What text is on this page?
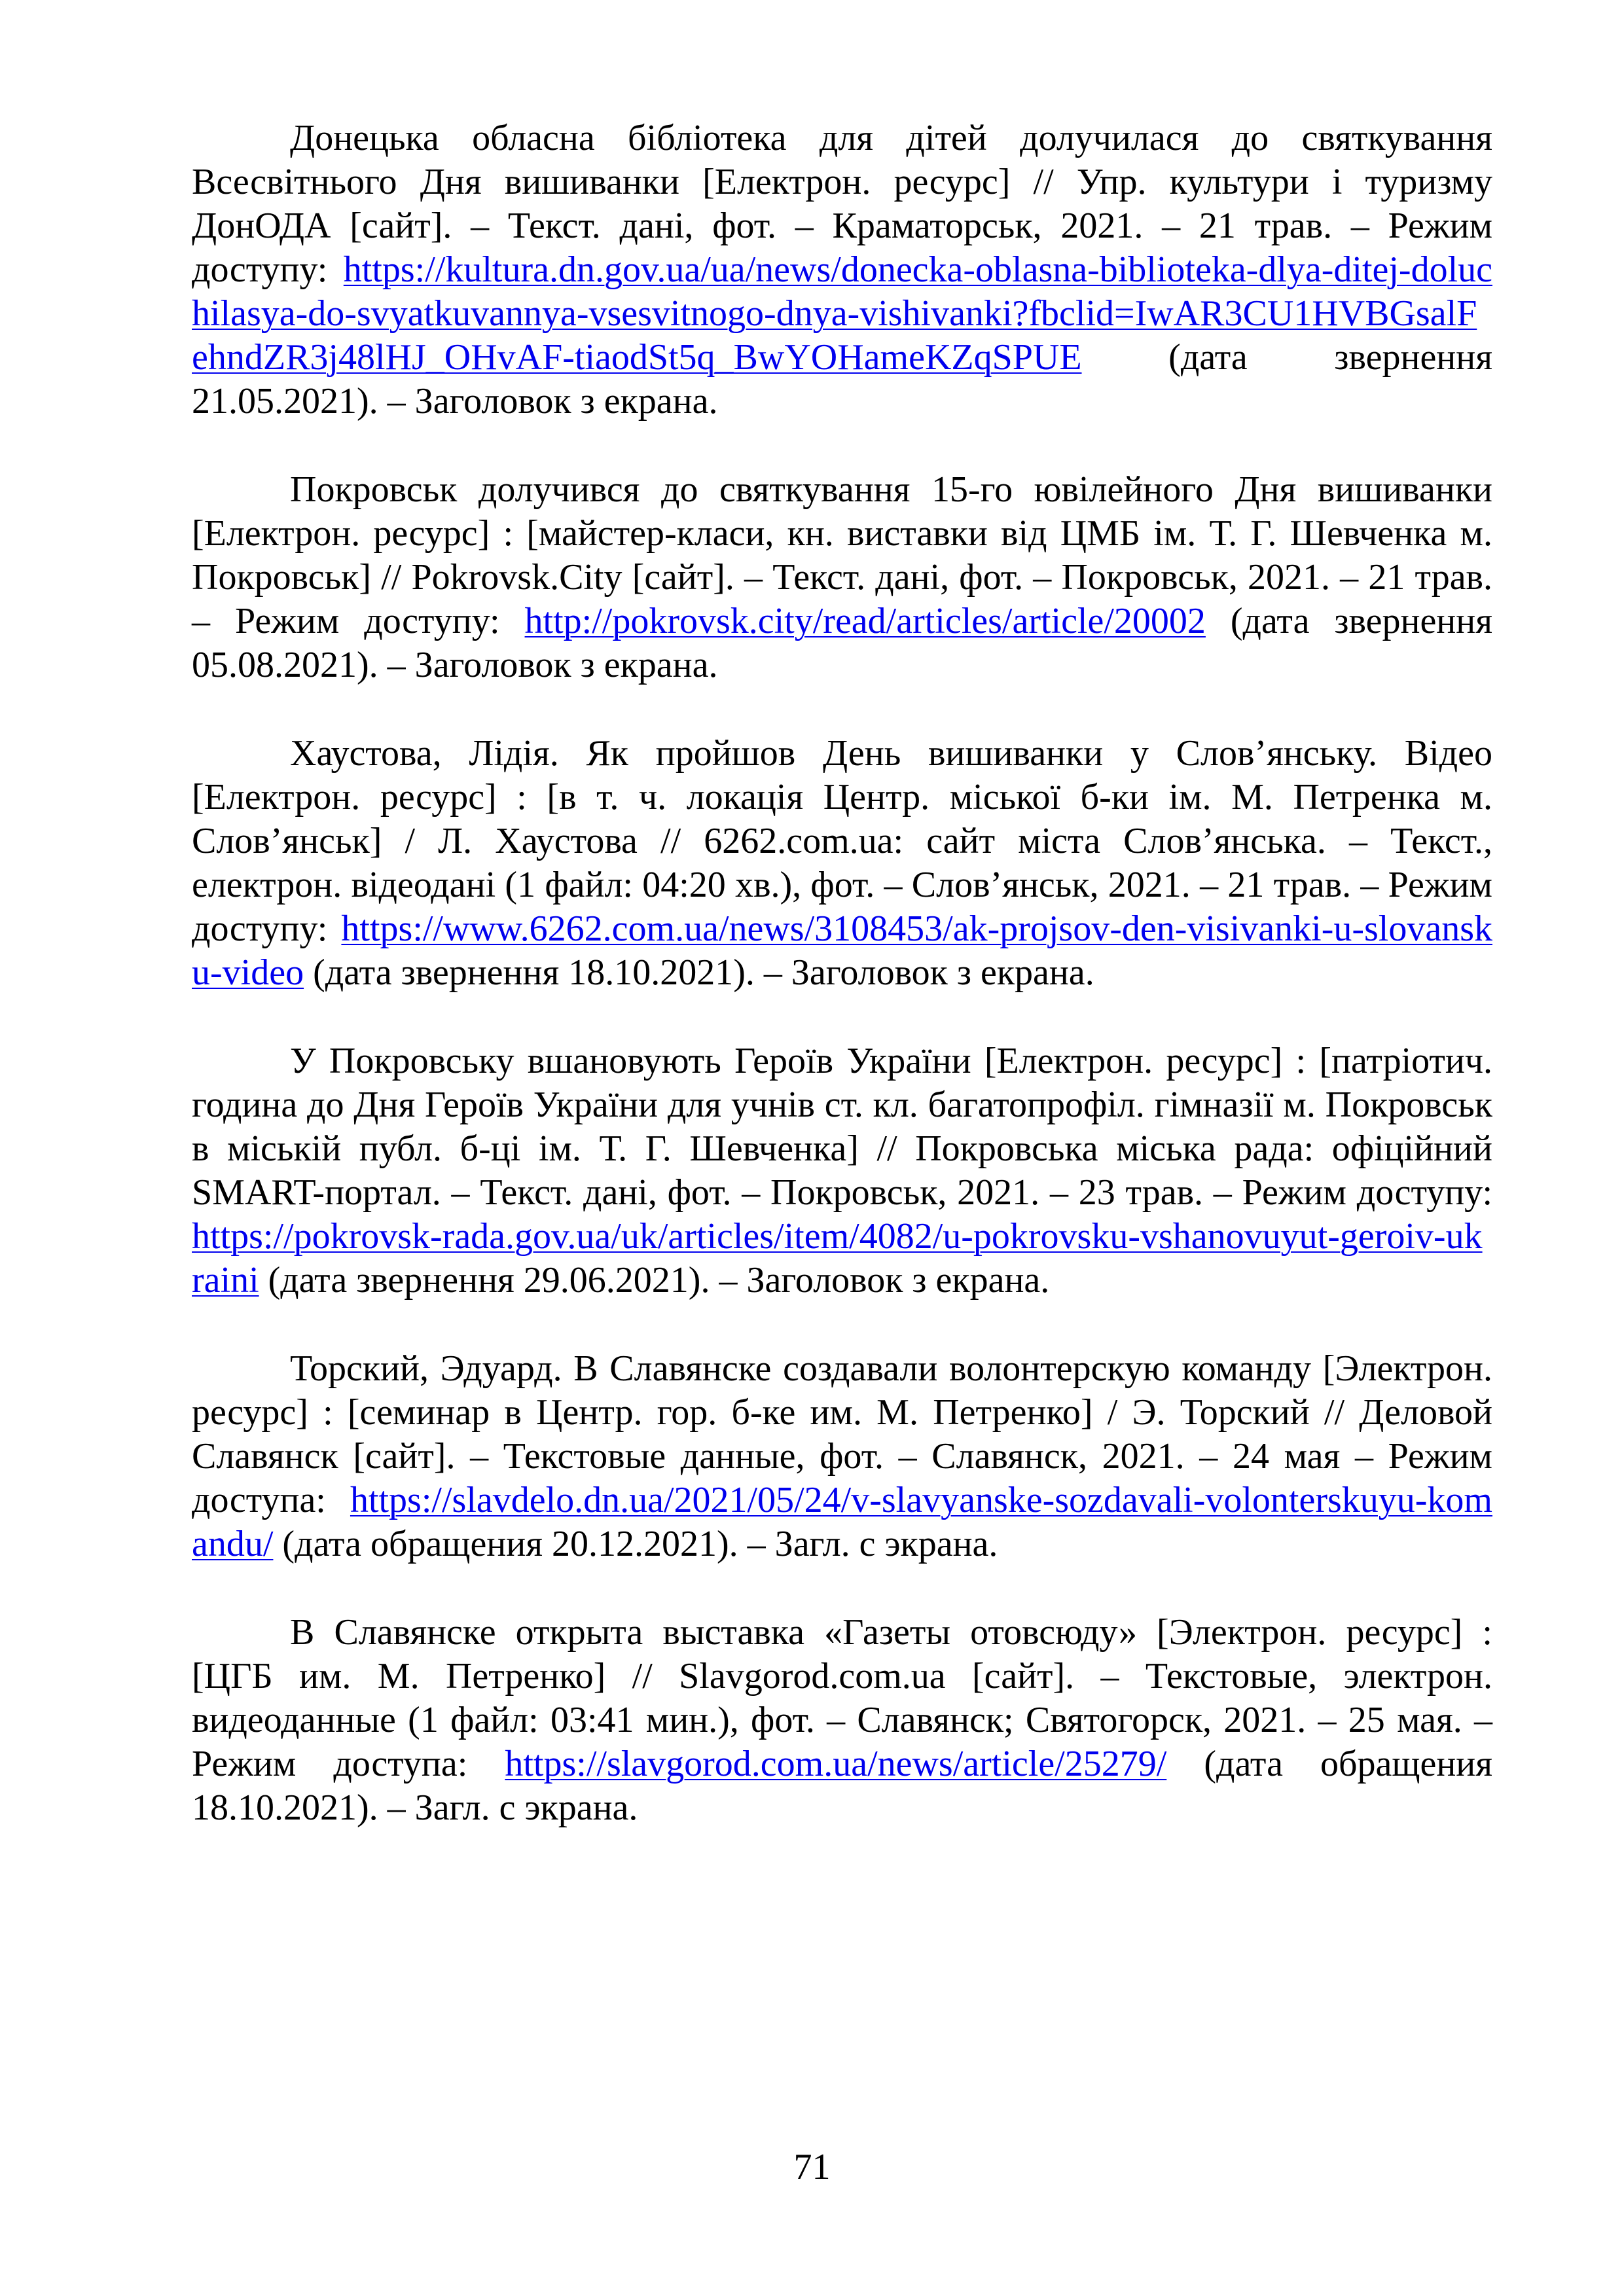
Донецька обласна бібліотека для дітей долучилася до святкування Всесвітнього Дня вишиванки [Електрон. ресурс] // Упр. культури і туризму ДонОДА [сайт]. – Текст. дані, фот. – Краматорськ, 2021. – 21 трав. – Режим доступу: https://kultura.dn.gov.ua/ua/news/donecka-oblasna-biblioteka-dlya-ditej-doluchilasya-do-svyatkuvannya-vsesvitnogo-dnya-vishivanki?fbclid=IwAR3CU1HVBGsalFehndZR3j48lHJ_OHvAF-tiaodSt5q_BwYOHameKZqSPUE (дата звернення 21.05.2021). – Заголовок з екрана.

Покровськ долучився до святкування 15-го ювілейного Дня вишиванки [Електрон. ресурс] : [майстер-класи, кн. виставки від ЦМБ ім. Т. Г. Шевченка м. Покровськ] // Pokrovsk.City [сайт]. – Текст. дані, фот. – Покровськ, 2021. – 21 трав. – Режим доступу: http://pokrovsk.city/read/articles/article/20002 (дата звернення 05.08.2021). – Заголовок з екрана.

Хаустова, Лідія. Як пройшов День вишиванки у Слов’янську. Відео [Електрон. ресурс] : [в т. ч. локація Центр. міської б-ки ім. М. Петренка м. Слов’янськ] / Л. Хаустова // 6262.com.ua: сайт міста Слов’янська. – Текст., електрон. відеодані (1 файл: 04:20 хв.), фот. – Слов’янськ, 2021. – 21 трав. – Режим доступу: https://www.6262.com.ua/news/3108453/ak-projsov-den-visivanki-u-slovansku-video (дата звернення 18.10.2021). – Заголовок з екрана.

У Покровську вшановують Героїв України [Електрон. ресурс] : [патріотич. година до Дня Героїв України для учнів ст. кл. багатопрофіл. гімназії м. Покровськ в міській публ. б-ці ім. Т. Г. Шевченка] // Покровська міська рада: офіційний SMART-портал. – Текст. дані, фот. – Покровськ, 2021. – 23 трав. – Режим доступу: https://pokrovsk-rada.gov.ua/uk/articles/item/4082/u-pokrovsku-vshanovuyut-geroiv-ukraini (дата звернення 29.06.2021). – Заголовок з екрана.

Торский, Эдуард. В Славянске создавали волонтерскую команду [Электрон. ресурс] : [семинар в Центр. гор. б-ке им. М. Петренко] / Э. Торский // Деловой Славянск [сайт]. – Текстовые данные, фот. – Славянск, 2021. – 24 мая – Режим доступа: https://slavdelo.dn.ua/2021/05/24/v-slavyanske-sozdavali-volonterskuyu-komandu/ (дата обращения 20.12.2021). – Загл. с экрана.

В Славянске открыта выставка «Газеты отовсюду» [Электрон. ресурс] : [ЦГБ им. М. Петренко] // Slavgorod.com.ua [сайт]. – Текстовые, электрон. видеоданные (1 файл: 03:41 мин.), фот. – Славянск; Святогорск, 2021. – 25 мая. – Режим доступа: https://slavgorod.com.ua/news/article/25279/ (дата обращения 18.10.2021). – Загл. с экрана.

71
